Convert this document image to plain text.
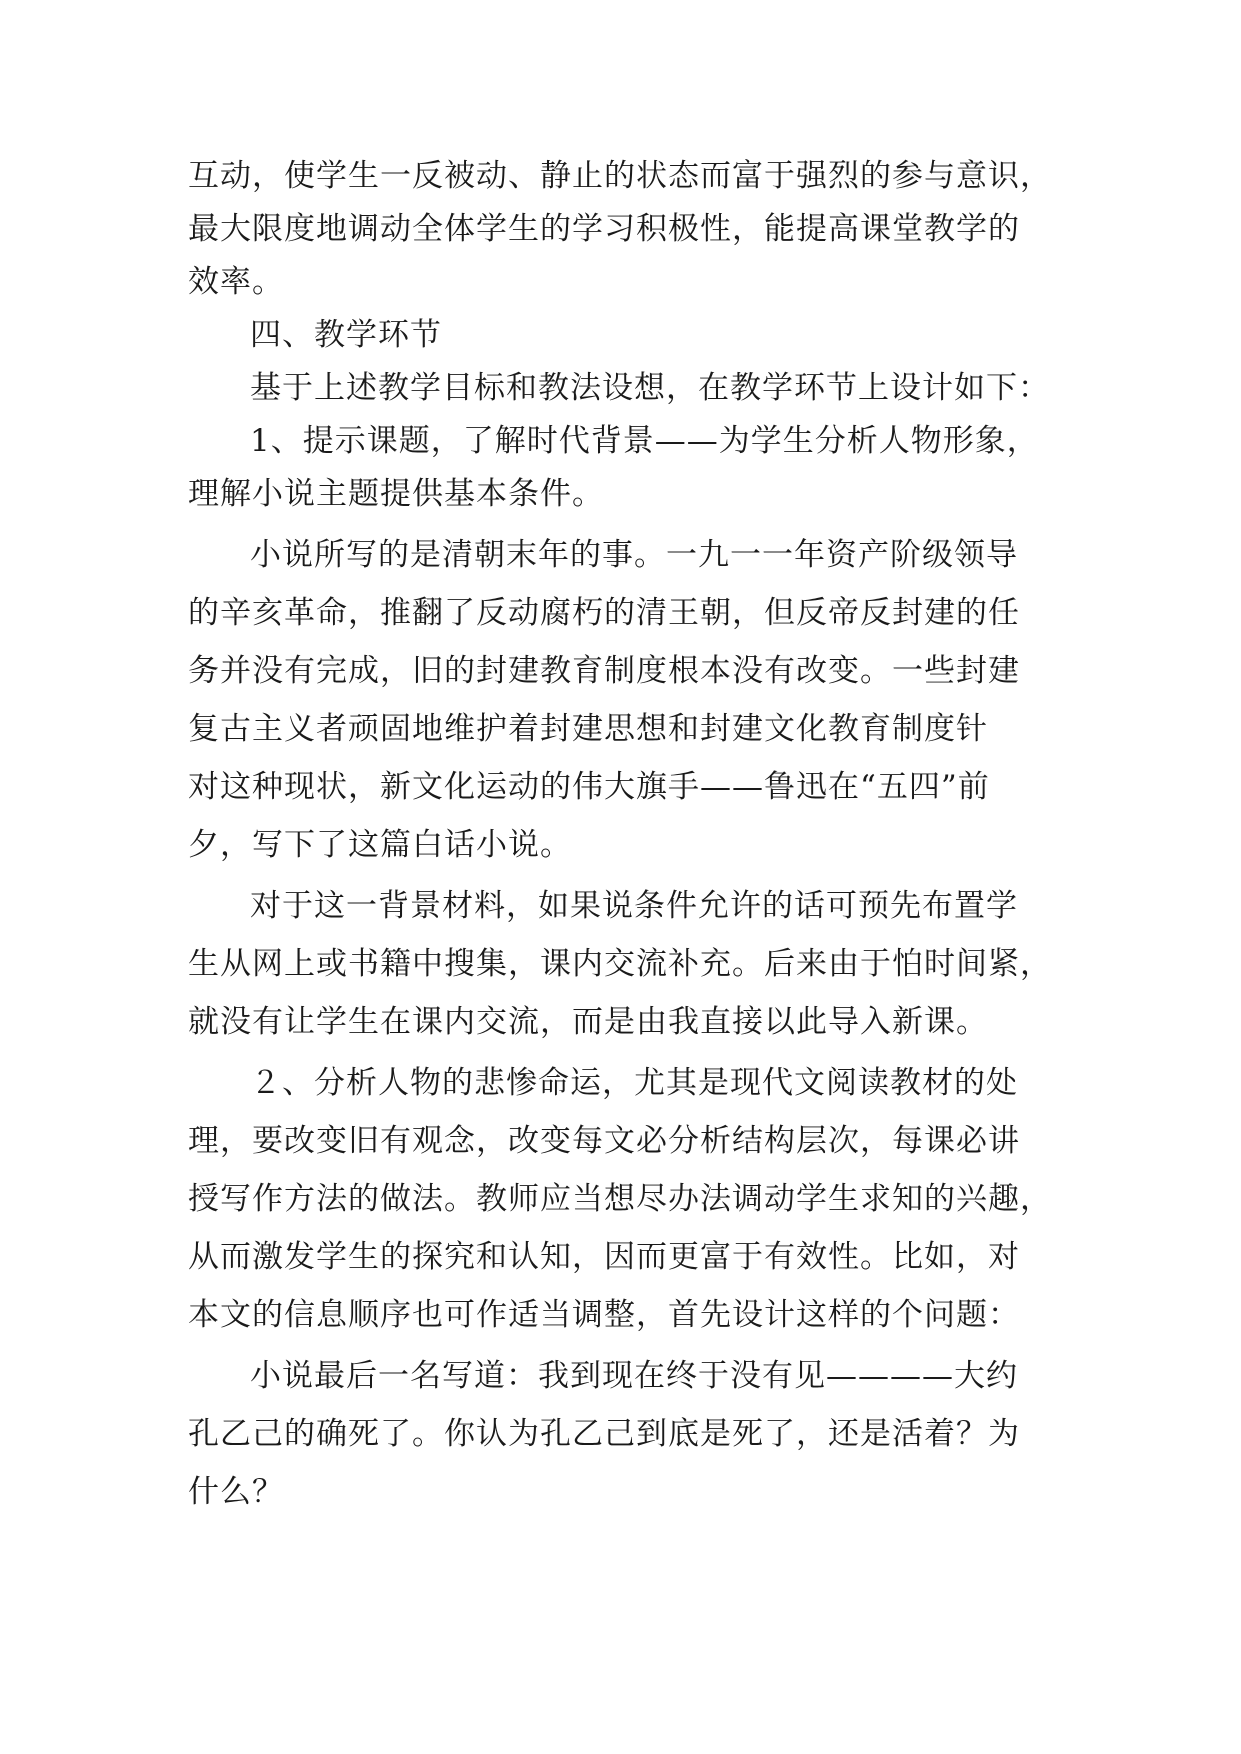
互动，使学生一反被动、静止的状态而富于强烈的参与意识，
最大限度地调动全体学生的学习积极性，能提高课堂教学的
效率。
四、教学环节
基于上述教学目标和教法设想，在教学环节上设计如下：
1、提示课题，了解时代背景——为学生分析人物形象，
理解小说主题提供基本条件。
小说所写的是清朝末年的事。一九一一年资产阶级领导
的辛亥革命，推翻了反动腐朽的清王朝，但反帝反封建的任
务并没有完成，旧的封建教育制度根本没有改变。一些封建
复古主义者顽固地维护着封建思想和封建文化教育制度针
对这种现状，新文化运动的伟大旗手——鲁迅在“五四”前
夕，写下了这篇白话小说。
对于这一背景材料，如果说条件允许的话可预先布置学
生从网上或书籍中搜集，课内交流补充。后来由于怕时间紧，
就没有让学生在课内交流，而是由我直接以此导入新课。
２、分析人物的悲惨命运，尤其是现代文阅读教材的处
理，要改变旧有观念，改变每文必分析结构层次，每课必讲
授写作方法的做法。教师应当想尽办法调动学生求知的兴趣，
从而激发学生的探究和认知，因而更富于有效性。比如，对
本文的信息顺序也可作适当调整，首先设计这样的个问题：
小说最后一名写道：我到现在终于没有见————大约
孔乙己的确死了。你认为孔乙己到底是死了，还是活着？为
什么？
